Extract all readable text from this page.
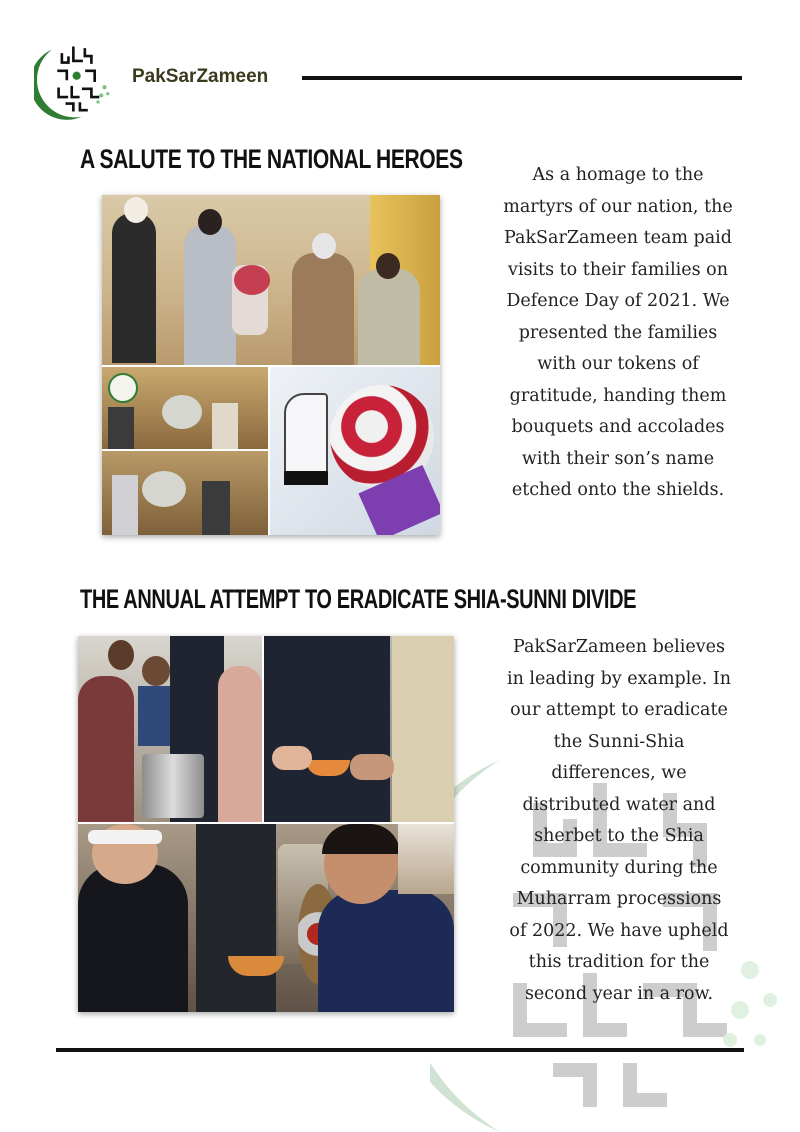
PakSarZameen
A SALUTE TO THE NATIONAL HEROES
As a homage to the
martyrs of our nation, the
PakSarZameen team paid
visits to their families on
Defence Day of 2021. We
presented the families
with our tokens of
gratitude, handing them
bouquets and accolades
with their son’s name
etched onto the shields.
THE ANNUAL ATTEMPT TO ERADICATE SHIA-SUNNI DIVIDE
PakSarZameen believes
in leading by example. In
our attempt to eradicate
the Sunni-Shia
differences, we
distributed water and
sherbet to the Shia
community during the
Muharram processions
of 2022. We have upheld
this tradition for the
second year in a row.
